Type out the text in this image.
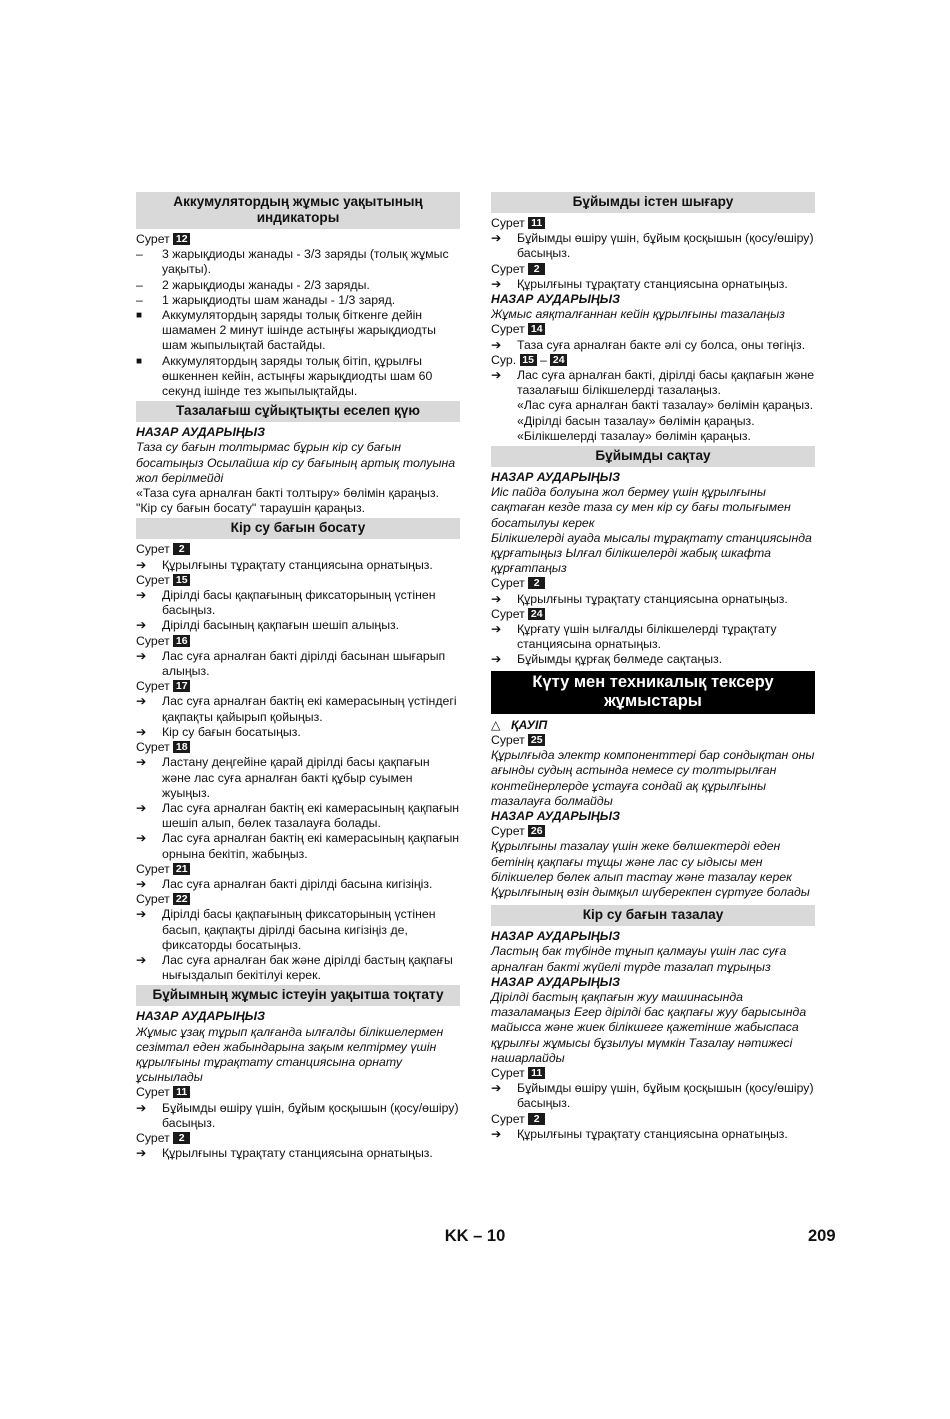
Аккумулятордың жұмыс уақытының индикаторы
Сурет 12
–	3 жарықдиоды жанады - 3/3 заряды (толық жұмыс уақыты).
–	2 жарықдиоды жанады - 2/3 заряды.
–	1 жарықдиодты шам жанады - 1/3 заряд.
■	Аккумулятордың заряды толық біткенге дейін шамамен 2 минут ішінде астыңғы жарықдиодты шам жыпылықтай бастайды.
■	Аккумулятордың заряды толық бітіп, құрылғы өшкеннен кейін, астыңғы жарықдиодты шам 60 секунд ішінде тез жыпылықтайды.
Тазалағыш сұйықтықты еселеп қүю
НАЗАР АУДАРЫҢЫЗ
Таза су бағын толтырмас бұрын кір су бағын босатыңыз Осылайша кір су бағының артық толуына жол берілмейді
«Таза суға арналған бакті толтыру» бөлімін қараңыз.
"Кір су бағын босату" тараушін қараңыз.
Кір су бағын босату
Сурет 2
➔	Құрылғыны тұрақтату станциясына орнатыңыз.
Сурет 15
➔	Дірілді басы қақпағының фиксаторының үстінен басыңыз.
➔	Дірілді басының қақпағын шешіп алыңыз.
Сурет 16
➔	Лас суға арналған бакті дірілді басынан шығарып алыңыз.
Сурет 17
➔	Лас суға арналған бактің екі камерасының үстіндегі қақпақты қайырып қойыңыз.
➔	Кір су бағын босатыңыз.
Сурет 18
➔	Ластану деңгейіне қарай дірілді басы қақпағын және лас суға арналған бакті құбыр суымен жуыңыз.
➔	Лас суға арналған бактің екі камерасының қақпағын шешіп алып, бөлек тазалауға болады.
➔	Лас суға арналған бактің екі камерасының қақпағын орнына бекітіп, жабыңыз.
Сурет 21
➔	Лас суға арналған бакті дірілді басына кигізіңіз.
Сурет 22
➔	Дірілді басы қақпағының фиксаторының үстінен басып, қақпақты дірілді басына кигізіңіз де, фиксаторды босатыңыз.
➔	Лас суға арналған бак және дірілді бастың қақпағы нығыздалып бекітілуі керек.
Бұйымның жұмыс істеуін уақытша тоқтату
НАЗАР АУДАРЫҢЫЗ
Жұмыс ұзақ тұрып қалғанда ылғалды білікшелермен сезімтал еден жабындарына зақым келтірмеу үшін құрылғыны тұрақтату станциясына орнату ұсынылады
Сурет 11
➔	Бұйымды өшіру үшін, бұйым қосқышын (қосу/өшіру) басыңыз.
Сурет 2
➔	Құрылғыны тұрақтату станциясына орнатыңыз.
Бұйымды істен шығару
Сурет 11
➔	Бұйымды өшіру үшін, бұйым қосқышын (қосу/өшіру) басыңыз.
Сурет 2
➔	Құрылғыны тұрақтату станциясына орнатыңыз.
НАЗАР АУДАРЫҢЫЗ
Жұмыс аяқталғаннан кейін құрылғыны тазалаңыз
Сурет 14
➔	Таза суға арналған бакте әлі су болса, оны төгіңіз.
Сур. 15 – 24
➔	Лас суға арналған бакті, дірілді басы қақпағын және тазалағыш білікшелерді тазалаңыз.
«Лас суға арналған бакті тазалау» бөлімін қараңыз.
«Дірілді басын тазалау» бөлімін қараңыз.
«Білікшелерді тазалау» бөлімін қараңыз.
Бұйымды сақтау
НАЗАР АУДАРЫҢЫЗ
Иіс пайда болуына жол бермеу үшін құрылғыны сақтаған кезде таза су мен кір су бағы толығымен босатылуы керек
Білікшелерді ауада мысалы тұрақтату станциясында құрғатыңыз Ылғал білікшелерді жабық шкафта құрғатпаңыз
Сурет 2
➔	Құрылғыны тұрақтату станциясына орнатыңыз.
Сурет 24
➔	Құрғату үшін ылғалды білікшелерді тұрақтату станциясына орнатыңыз.
➔	Бұйымды құрғақ бөлмеде сақтаңыз.
Күту мен техникалық тексеру жұмыстары
△ ҚАУІП
Сурет 25
Құрылғыда электр компоненттері бар сондықтан оны ағынды судың астында немесе су толтырылған контейнерлерде ұстауға сондай ақ құрылғыны тазалауға болмайды
НАЗАР АУДАРЫҢЫЗ
Сурет 26
Құрылғыны тазалау үшін жеке бөлшектерді еден бетінің қақпағы тұщы және лас су ыдысы мен білікшелер бөлек алып тастау және тазалау керек Құрылғының өзін дымқыл шүберекпен сүртуге болады
Кір су бағын тазалау
НАЗАР АУДАРЫҢЫЗ
Ластың бак түбінде тұнып қалмауы үшін лас суға арналған бакті жүйелі түрде тазалап тұрыңыз
НАЗАР АУДАРЫҢЫЗ
Дірілді бастың қақпағын жуу машинасында тазаламаңыз Егер дірілді бас қақпағы жуу барысында майысса және жиек білікшеге қажетінше жабыспаса құрылғы жұмысы бұзылуы мүмкін Тазалау нәтижесі нашарлайды
Сурет 11
➔	Бұйымды өшіру үшін, бұйым қосқышын (қосу/өшіру) басыңыз.
Сурет 2
➔	Құрылғыны тұрақтату станциясына орнатыңыз.
KK – 10	209
